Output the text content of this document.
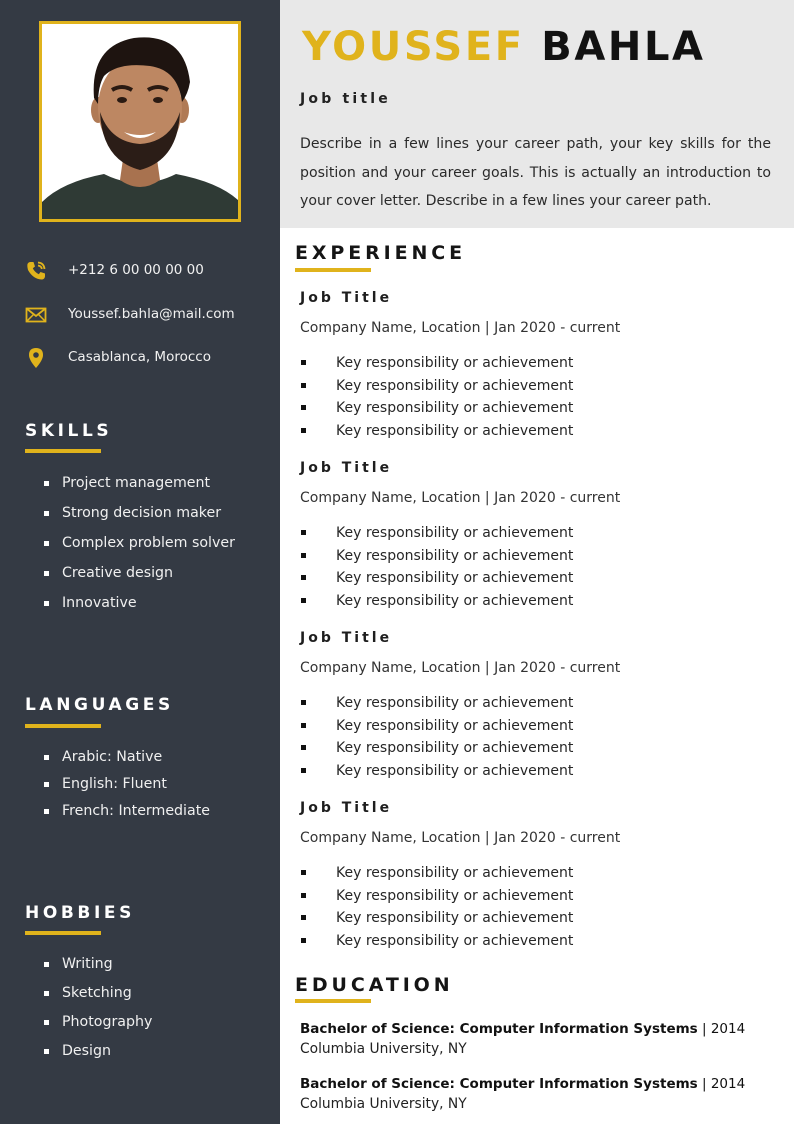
+212 6 00 00 00 00
Youssef.bahla@mail.com
Casablanca, Morocco
SKILLS
Project management
Strong decision maker
Complex problem solver
Creative design
Innovative
LANGUAGES
Arabic: Native
English: Fluent
French: Intermediate
HOBBIES
Writing
Sketching
Photography
Design
YOUSSEF BAHLA
Job title

Describe in a few lines your career path, your key skills for the position and your career goals. This is actually an introduction to your cover letter. Describe in a few lines your career path.

EXPERIENCE
Job Title
Company Name, Location | Jan 2020 - current
Key responsibility or achievement
Key responsibility or achievement
Key responsibility or achievement
Key responsibility or achievement
Job Title
Company Name, Location | Jan 2020 - current
Key responsibility or achievement
Key responsibility or achievement
Key responsibility or achievement
Key responsibility or achievement
Job Title
Company Name, Location | Jan 2020 - current
Key responsibility or achievement
Key responsibility or achievement
Key responsibility or achievement
Key responsibility or achievement
Job Title
Company Name, Location | Jan 2020 - current
Key responsibility or achievement
Key responsibility or achievement
Key responsibility or achievement
Key responsibility or achievement
EDUCATION
Bachelor of Science: Computer Information Systems | 2014
Columbia University, NY
Bachelor of Science: Computer Information Systems | 2014
Columbia University, NY
